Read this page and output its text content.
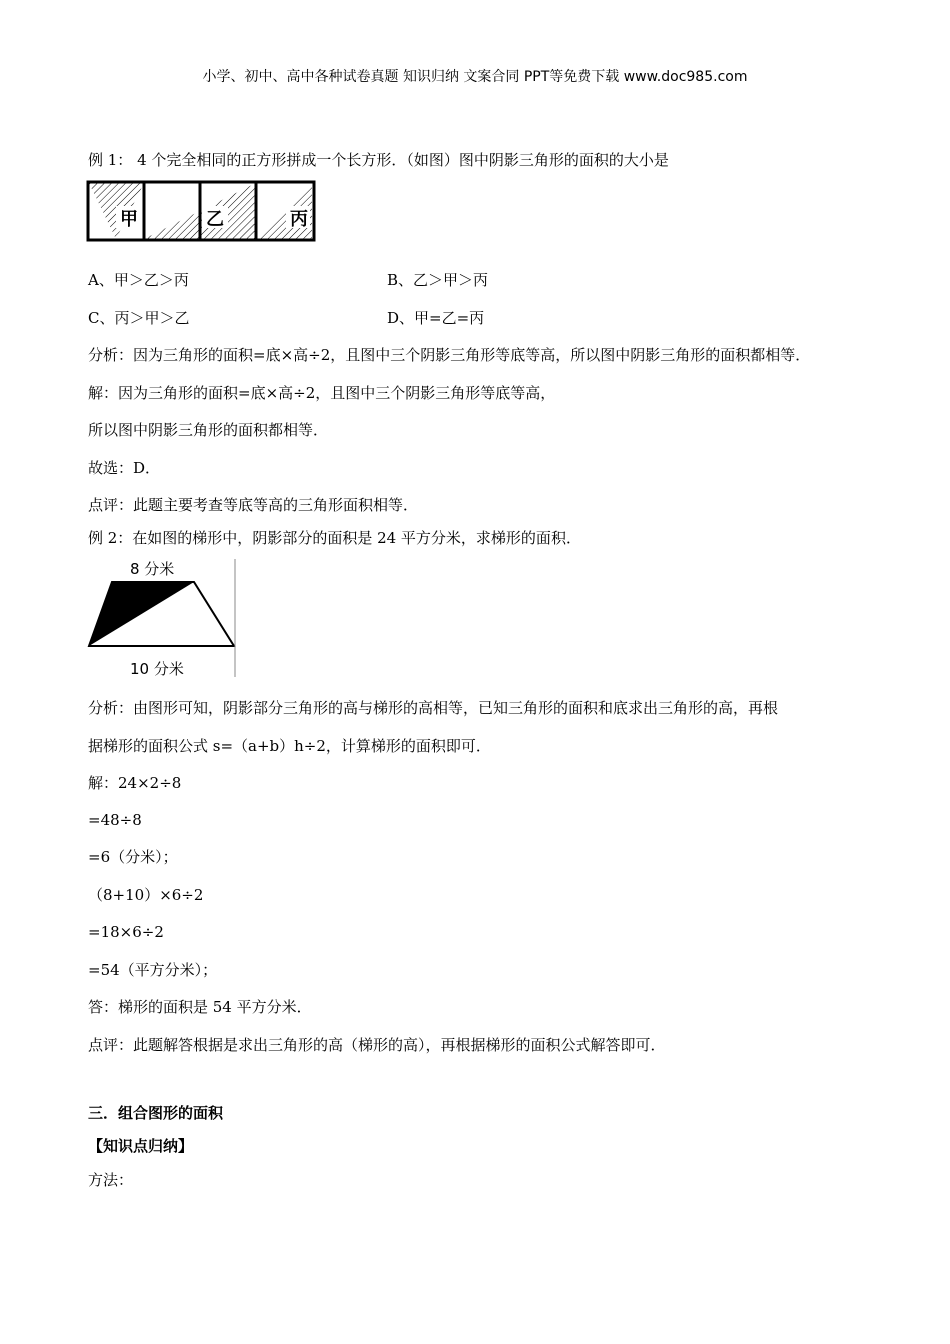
小学、初中、高中各种试卷真题 知识归纳 文案合同 PPT等免费下载 www.doc985.com
例 1： 4 个完全相同的正方形拼成一个长方形．（如图）图中阴影三角形的面积的大小是
甲	乙	丙
A、甲＞乙＞丙	B、乙＞甲＞丙
C、丙＞甲＞乙	D、甲=乙=丙
分析：因为三角形的面积=底×高÷2，且图中三个阴影三角形等底等高，所以图中阴影三角形的面积都相等．
解：因为三角形的面积=底×高÷2，且图中三个阴影三角形等底等高，
所以图中阴影三角形的面积都相等．
故选：D．
点评：此题主要考查等底等高的三角形面积相等．
例 2：在如图的梯形中，阴影部分的面积是 24 平方分米，求梯形的面积．
8 分米
10 分米
分析：由图形可知，阴影部分三角形的高与梯形的高相等，已知三角形的面积和底求出三角形的高，再根
据梯形的面积公式 s=（a+b）h÷2，计算梯形的面积即可．
解：24×2÷8
=48÷8
=6（分米）；
（8+10）×6÷2
=18×6÷2
=54（平方分米）；
答：梯形的面积是 54 平方分米．
点评：此题解答根据是求出三角形的高（梯形的高），再根据梯形的面积公式解答即可．
三．组合图形的面积
【知识点归纳】
方法：
